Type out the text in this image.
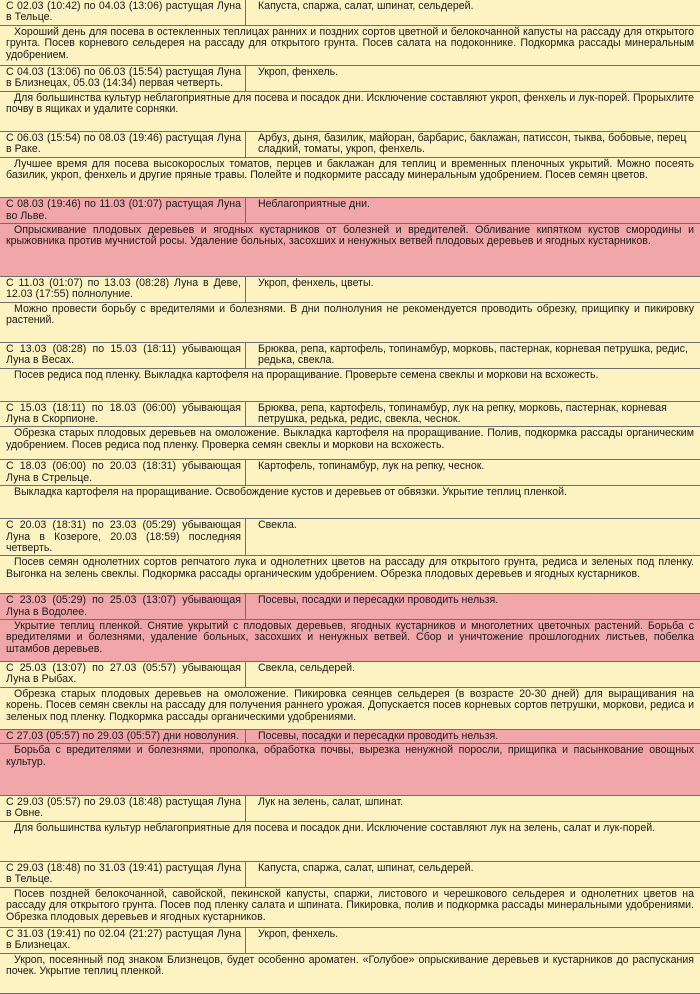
С 02.03 (10:42) по 04.03 (13:06) растущая Луна в Тельце.
Капуста, спаржа, салат, шпинат, сельдерей.
Хороший день для посева в остекленных теплицах ранних и поздних сортов цветной и белокочанной капусты на рассаду для открытого грунта. Посев корневого сельдерея на рассаду для открытого грунта. Посев салата на подоконнике. Подкормка рассады минеральным удобрением.
С 04.03 (13:06) по 06.03 (15:54) растущая Луна в Близнецах, 05.03 (14:34) первая четверть.
Укроп, фенхель.
Для большинства культур неблагоприятные для посева и посадок дни. Исключение составляют укроп, фенхель и лук-порей. Прорыхлите почву в ящиках и удалите сорняки.
С 06.03 (15:54) по 08.03 (19:46) растущая Луна в Раке.
Арбуз, дыня, базилик, майоран, барбарис, баклажан, патиссон, тыква, бобовые, перец сладкий, томаты, укроп, фенхель.
Лучшее время для посева высокорослых томатов, перцев и баклажан для теплиц и временных пленочных укрытий. Можно посеять базилик, укроп, фенхель и другие пряные травы. Полейте и подкормите рассаду минеральным удобрением. Посев семян цветов.
С 08.03 (19:46) по 11.03 (01:07) растущая Луна во Льве.
Неблагоприятные дни.
Опрыскивание плодовых деревьев и ягодных кустарников от болезней и вредителей. Обливание кипятком кустов смородины и крыжовника против мучнистой росы. Удаление больных, засохших и ненужных ветвей плодовых деревьев и ягодных кустарников.
С 11.03 (01:07) по 13.03 (08:28) Луна в Деве, 12.03 (17:55) полнолуние.
Укроп, фенхель, цветы.
Можно провести борьбу с вредителями и болезнями. В дни полнолуния не рекомендуется проводить обрезку, прищипку и пикировку растений.
С 13.03 (08:28) по 15.03 (18:11) убывающая Луна в Весах.
Брюква, репа, картофель, топинамбур, морковь, пастернак, корневая петрушка, редис, редька, свекла.
Посев редиса под пленку. Выкладка картофеля на проращивание. Проверьте семена свеклы и моркови на всхожесть.
С 15.03 (18:11) по 18.03 (06:00) убывающая Луна в Скорпионе.
Брюква, репа, картофель, топинамбур, лук на репку, морковь, пастернак, корневая петрушка, редька, редис, свекла, чеснок.
Обрезка старых плодовых деревьев на омоложение. Выкладка картофеля на проращивание. Полив, подкормка рассады органическим удобрением. Посев редиса под пленку. Проверка семян свеклы и моркови на всхожесть.
С 18.03 (06:00) по 20.03 (18:31) убывающая Луна в Стрельце.
Картофель, топинамбур, лук на репку, чеснок.
Выкладка картофеля на проращивание. Освобождение кустов и деревьев от обвязки. Укрытие теплиц пленкой.
С 20.03 (18:31) по 23.03 (05:29) убывающая Луна в Козероге, 20.03 (18:59) последняя четверть.
Свекла.
Посев семян однолетних сортов репчатого лука и однолетних цветов на рассаду для открытого грунта, редиса и зеленых под пленку. Выгонка на зелень свеклы. Подкормка рассады органическим удобрением. Обрезка плодовых деревьев и ягодных кустарников.
С 23.03 (05:29) по 25.03 (13:07) убывающая Луна в Водолее.
Посевы, посадки и пересадки проводить нельзя.
Укрытие теплиц пленкой. Снятие укрытий с плодовых деревьев, ягодных кустарников и многолетних цветочных растений. Борьба с вредителями и болезнями, удаление больных, засохших и ненужных ветвей. Сбор и уничтожение прошлогодних листьев, побелка штамбов деревьев.
С 25.03 (13:07) по 27.03 (05:57) убывающая Луна в Рыбах.
Свекла, сельдерей.
Обрезка старых плодовых деревьев на омоложение. Пикировка сеянцев сельдерея (в возрасте 20-30 дней) для выращивания на корень. Посев семян свеклы на рассаду для получения раннего урожая. Допускается посев корневых сортов петрушки, моркови, редиса и зеленых под пленку. Подкормка рассады органическими удобрениями.
С 27.03 (05:57) по 29.03 (05:57) дни новолуния.	Посевы, посадки и пересадки проводить нельзя.
Борьба с вредителями и болезнями, прополка, обработка почвы, вырезка ненужной поросли, прищипка и пасынкование овощных культур.
С 29.03 (05:57) по 29.03 (18:48) растущая Луна в Овне.
Лук на зелень, салат, шпинат.
Для большинства культур неблагоприятные для посева и посадок дни. Исключение составляют лук на зелень, салат и лук-порей.
С 29.03 (18:48) по 31.03 (19:41) растущая Луна в Тельце.
Капуста, спаржа, салат, шпинат, сельдерей.
Посев поздней белокочанной, савойской, пекинской капусты, спаржи, листового и черешкового сельдерея и однолетних цветов на рассаду для открытого грунта. Посев под пленку салата и шпината. Пикировка, полив и подкормка рассады минеральными удобрениями. Обрезка плодовых деревьев и ягодных кустарников.
С 31.03 (19:41) по 02.04 (21:27) растущая Луна в Близнецах.
Укроп, фенхель.
Укроп, посеянный под знаком Близнецов, будет особенно ароматен. «Голубое» опрыскивание деревьев и кустарников до распускания почек. Укрытие теплиц пленкой.
